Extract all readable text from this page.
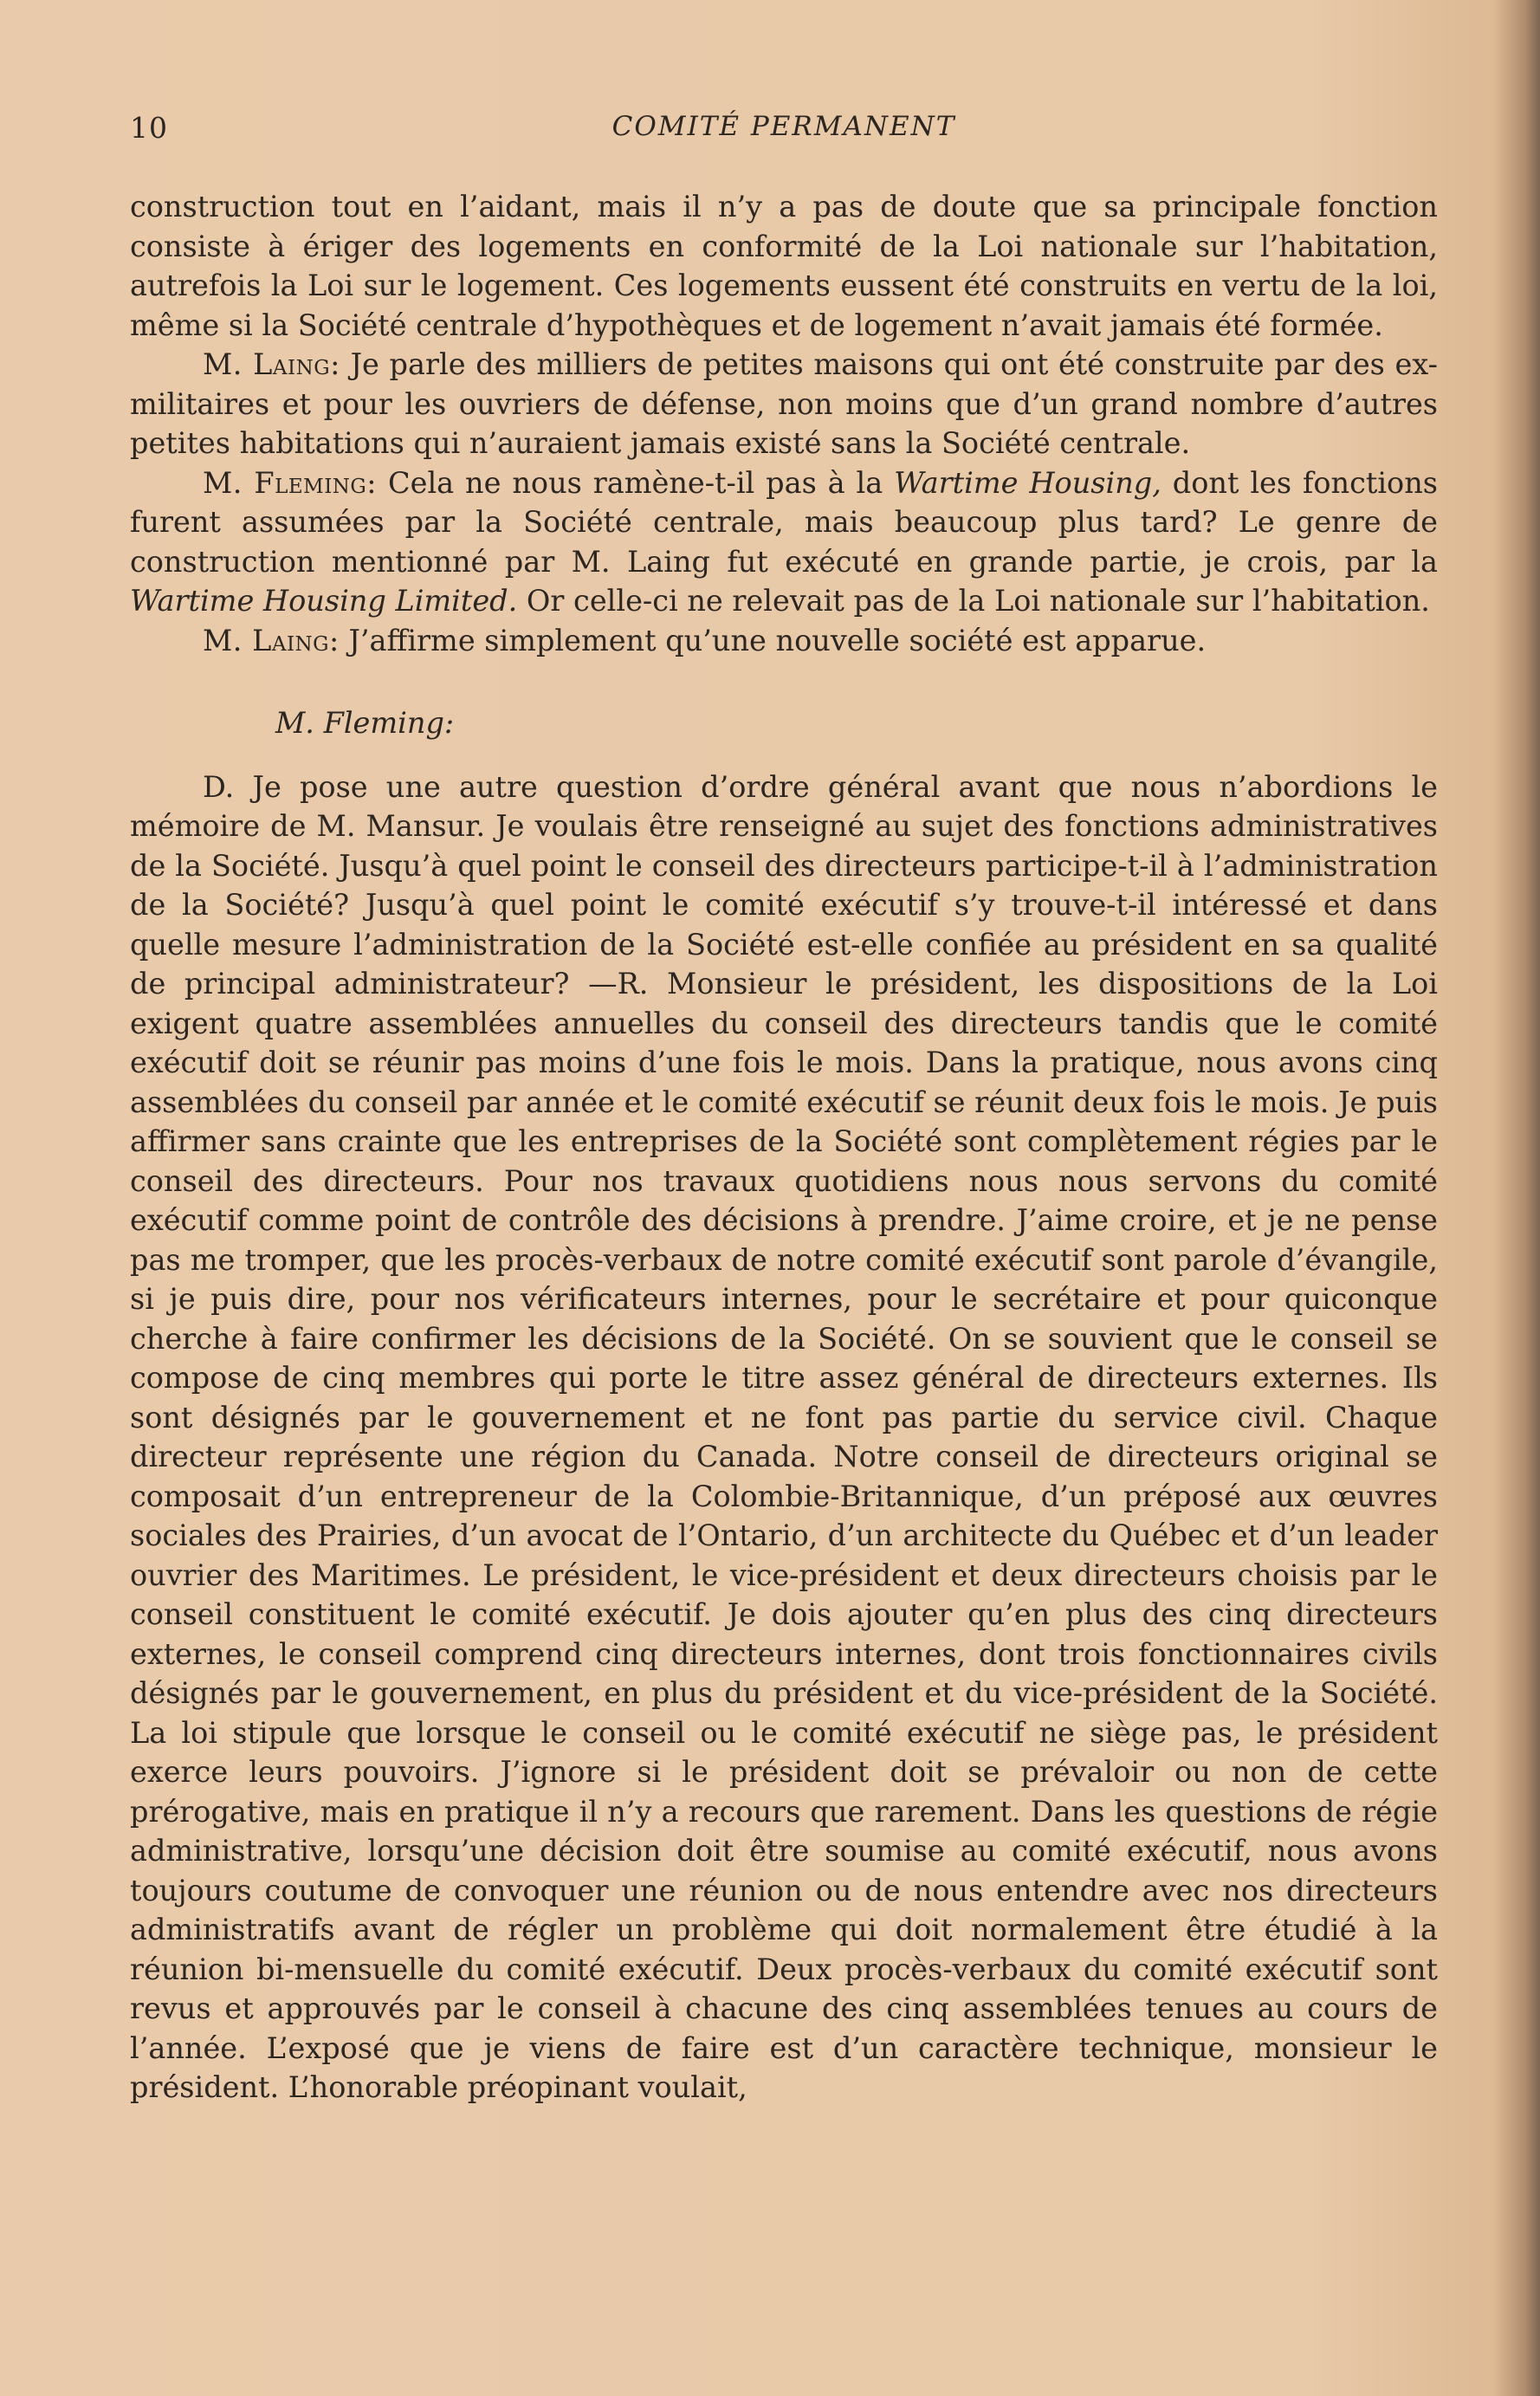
10	COMITÉ PERMANENT

construction tout en l’aidant, mais il n’y a pas de doute que sa principale fonction consiste à ériger des logements en conformité de la Loi nationale sur l’habitation, autrefois la Loi sur le logement. Ces logements eussent été construits en vertu de la loi, même si la Société centrale d’hypothèques et de logement n’avait jamais été formée.

M. Laing: Je parle des milliers de petites maisons qui ont été construite par des ex-militaires et pour les ouvriers de défense, non moins que d’un grand nombre d’autres petites habitations qui n’auraient jamais existé sans la Société centrale.

M. Fleming: Cela ne nous ramène-t-il pas à la Wartime Housing, dont les fonctions furent assumées par la Société centrale, mais beaucoup plus tard? Le genre de construction mentionné par M. Laing fut exécuté en grande partie, je crois, par la Wartime Housing Limited. Or celle-ci ne relevait pas de la Loi nationale sur l’habitation.

M. Laing: J’affirme simplement qu’une nouvelle société est apparue.

M. Fleming:

D. Je pose une autre question d’ordre général avant que nous n’abordions le mémoire de M. Mansur. Je voulais être renseigné au sujet des fonctions administratives de la Société. Jusqu’à quel point le conseil des directeurs participe-t-il à l’administration de la Société? Jusqu’à quel point le comité exécutif s’y trouve-t-il intéressé et dans quelle mesure l’administration de la Société est-elle confiée au président en sa qualité de principal administrateur? —R. Monsieur le président, les dispositions de la Loi exigent quatre assemblées annuelles du conseil des directeurs tandis que le comité exécutif doit se réunir pas moins d’une fois le mois. Dans la pratique, nous avons cinq assemblées du conseil par année et le comité exécutif se réunit deux fois le mois. Je puis affirmer sans crainte que les entreprises de la Société sont complètement régies par le conseil des directeurs. Pour nos travaux quotidiens nous nous servons du comité exécutif comme point de contrôle des décisions à prendre. J’aime croire, et je ne pense pas me tromper, que les procès-verbaux de notre comité exécutif sont parole d’évangile, si je puis dire, pour nos vérificateurs internes, pour le secrétaire et pour quiconque cherche à faire confirmer les décisions de la Société. On se souvient que le conseil se compose de cinq membres qui porte le titre assez général de directeurs externes. Ils sont désignés par le gouvernement et ne font pas partie du service civil. Chaque directeur représente une région du Canada. Notre conseil de directeurs original se composait d’un entrepreneur de la Colombie-Britannique, d’un préposé aux œuvres sociales des Prairies, d’un avocat de l’Ontario, d’un architecte du Québec et d’un leader ouvrier des Maritimes. Le président, le vice-président et deux directeurs choisis par le conseil constituent le comité exécutif. Je dois ajouter qu’en plus des cinq directeurs externes, le conseil comprend cinq directeurs internes, dont trois fonctionnaires civils désignés par le gouvernement, en plus du président et du vice-président de la Société. La loi stipule que lorsque le conseil ou le comité exécutif ne siège pas, le président exerce leurs pouvoirs. J’ignore si le président doit se prévaloir ou non de cette prérogative, mais en pratique il n’y a recours que rarement. Dans les questions de régie administrative, lorsqu’une décision doit être soumise au comité exécutif, nous avons toujours coutume de convoquer une réunion ou de nous entendre avec nos directeurs administratifs avant de régler un problème qui doit normalement être étudié à la réunion bi-mensuelle du comité exécutif. Deux procès-verbaux du comité exécutif sont revus et approuvés par le conseil à chacune des cinq assemblées tenues au cours de l’année. L’exposé que je viens de faire est d’un caractère technique, monsieur le président. L’honorable préopinant voulait,
